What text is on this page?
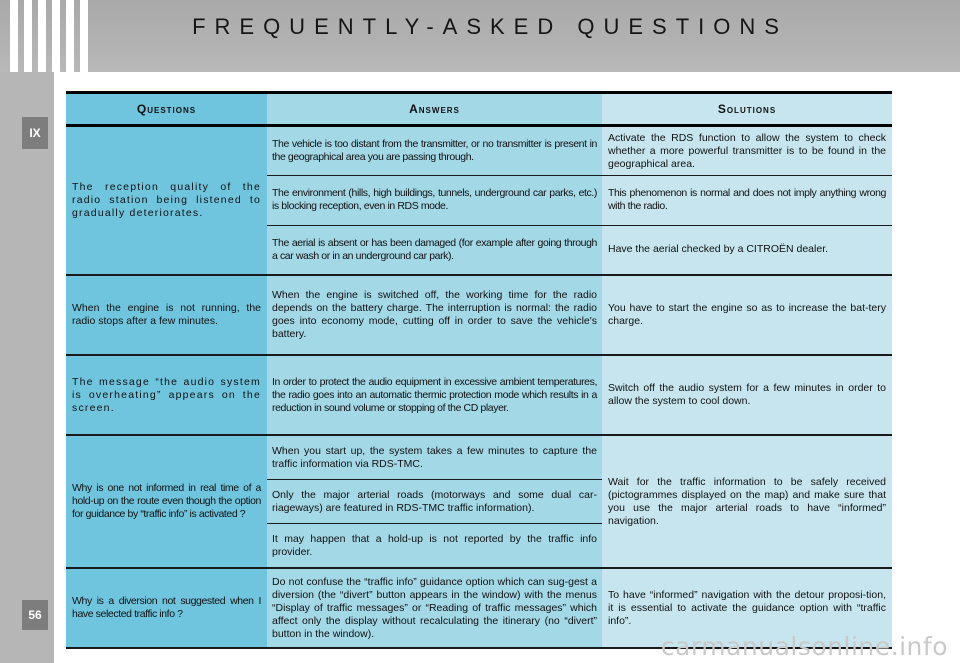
FREQUENTLY-ASKED QUESTIONS
IX
56
Questions	Answers	Solutions
The reception quality of the radio station being listened to gradually deteriorates.
The vehicle is too distant from the transmitter, or no transmitter is present in the geographical area you are passing through.
Activate the RDS function to allow the system to check whether a more powerful transmitter is to be found in the geographical area.
The environment (hills, high buildings, tunnels, underground car parks, etc.) is blocking reception, even in RDS mode.
This phenomenon is normal and does not imply anything wrong with the radio.
The aerial is absent or has been damaged (for example after going through a car wash or in an underground car park).
Have the aerial checked by a CITROËN dealer.
When the engine is not running, the radio stops after a few minutes.
When the engine is switched off, the working time for the radio depends on the battery charge. The interruption is normal: the radio goes into economy mode, cutting off in order to save the vehicle's battery.
You have to start the engine so as to increase the bat-tery charge.
The message “the audio system is overheating” appears on the screen.
In order to protect the audio equipment in excessive ambient temperatures, the radio goes into an automatic thermic protection mode which results in a reduction in sound volume or stopping of the CD player.
Switch off the audio system for a few minutes in order to allow the system to cool down.
Why is one not informed in real time of a hold-up on the route even though the option for guidance by “traffic info” is activated ?
When you start up, the system takes a few minutes to capture the traffic information via RDS-TMC.
Only the major arterial roads (motorways and some dual car-riageways) are featured in RDS-TMC traffic information).
It may happen that a hold-up is not reported by the traffic info provider.
Wait for the traffic information to be safely received (pictogrammes displayed on the map) and make sure that you use the major arterial roads to have “informed” navigation.
Why is a diversion not suggested when I have selected traffic info ?
Do not confuse the “traffic info” guidance option which can sug-gest a diversion (the “divert” button appears in the window) with the menus “Display of traffic messages” or “Reading of traffic messages” which affect only the display without recalculating the itinerary (no “divert” button in the window).
To have “informed” navigation with the detour proposi-tion, it is essential to activate the guidance option with “traffic info”.
carmanualsonline.info
